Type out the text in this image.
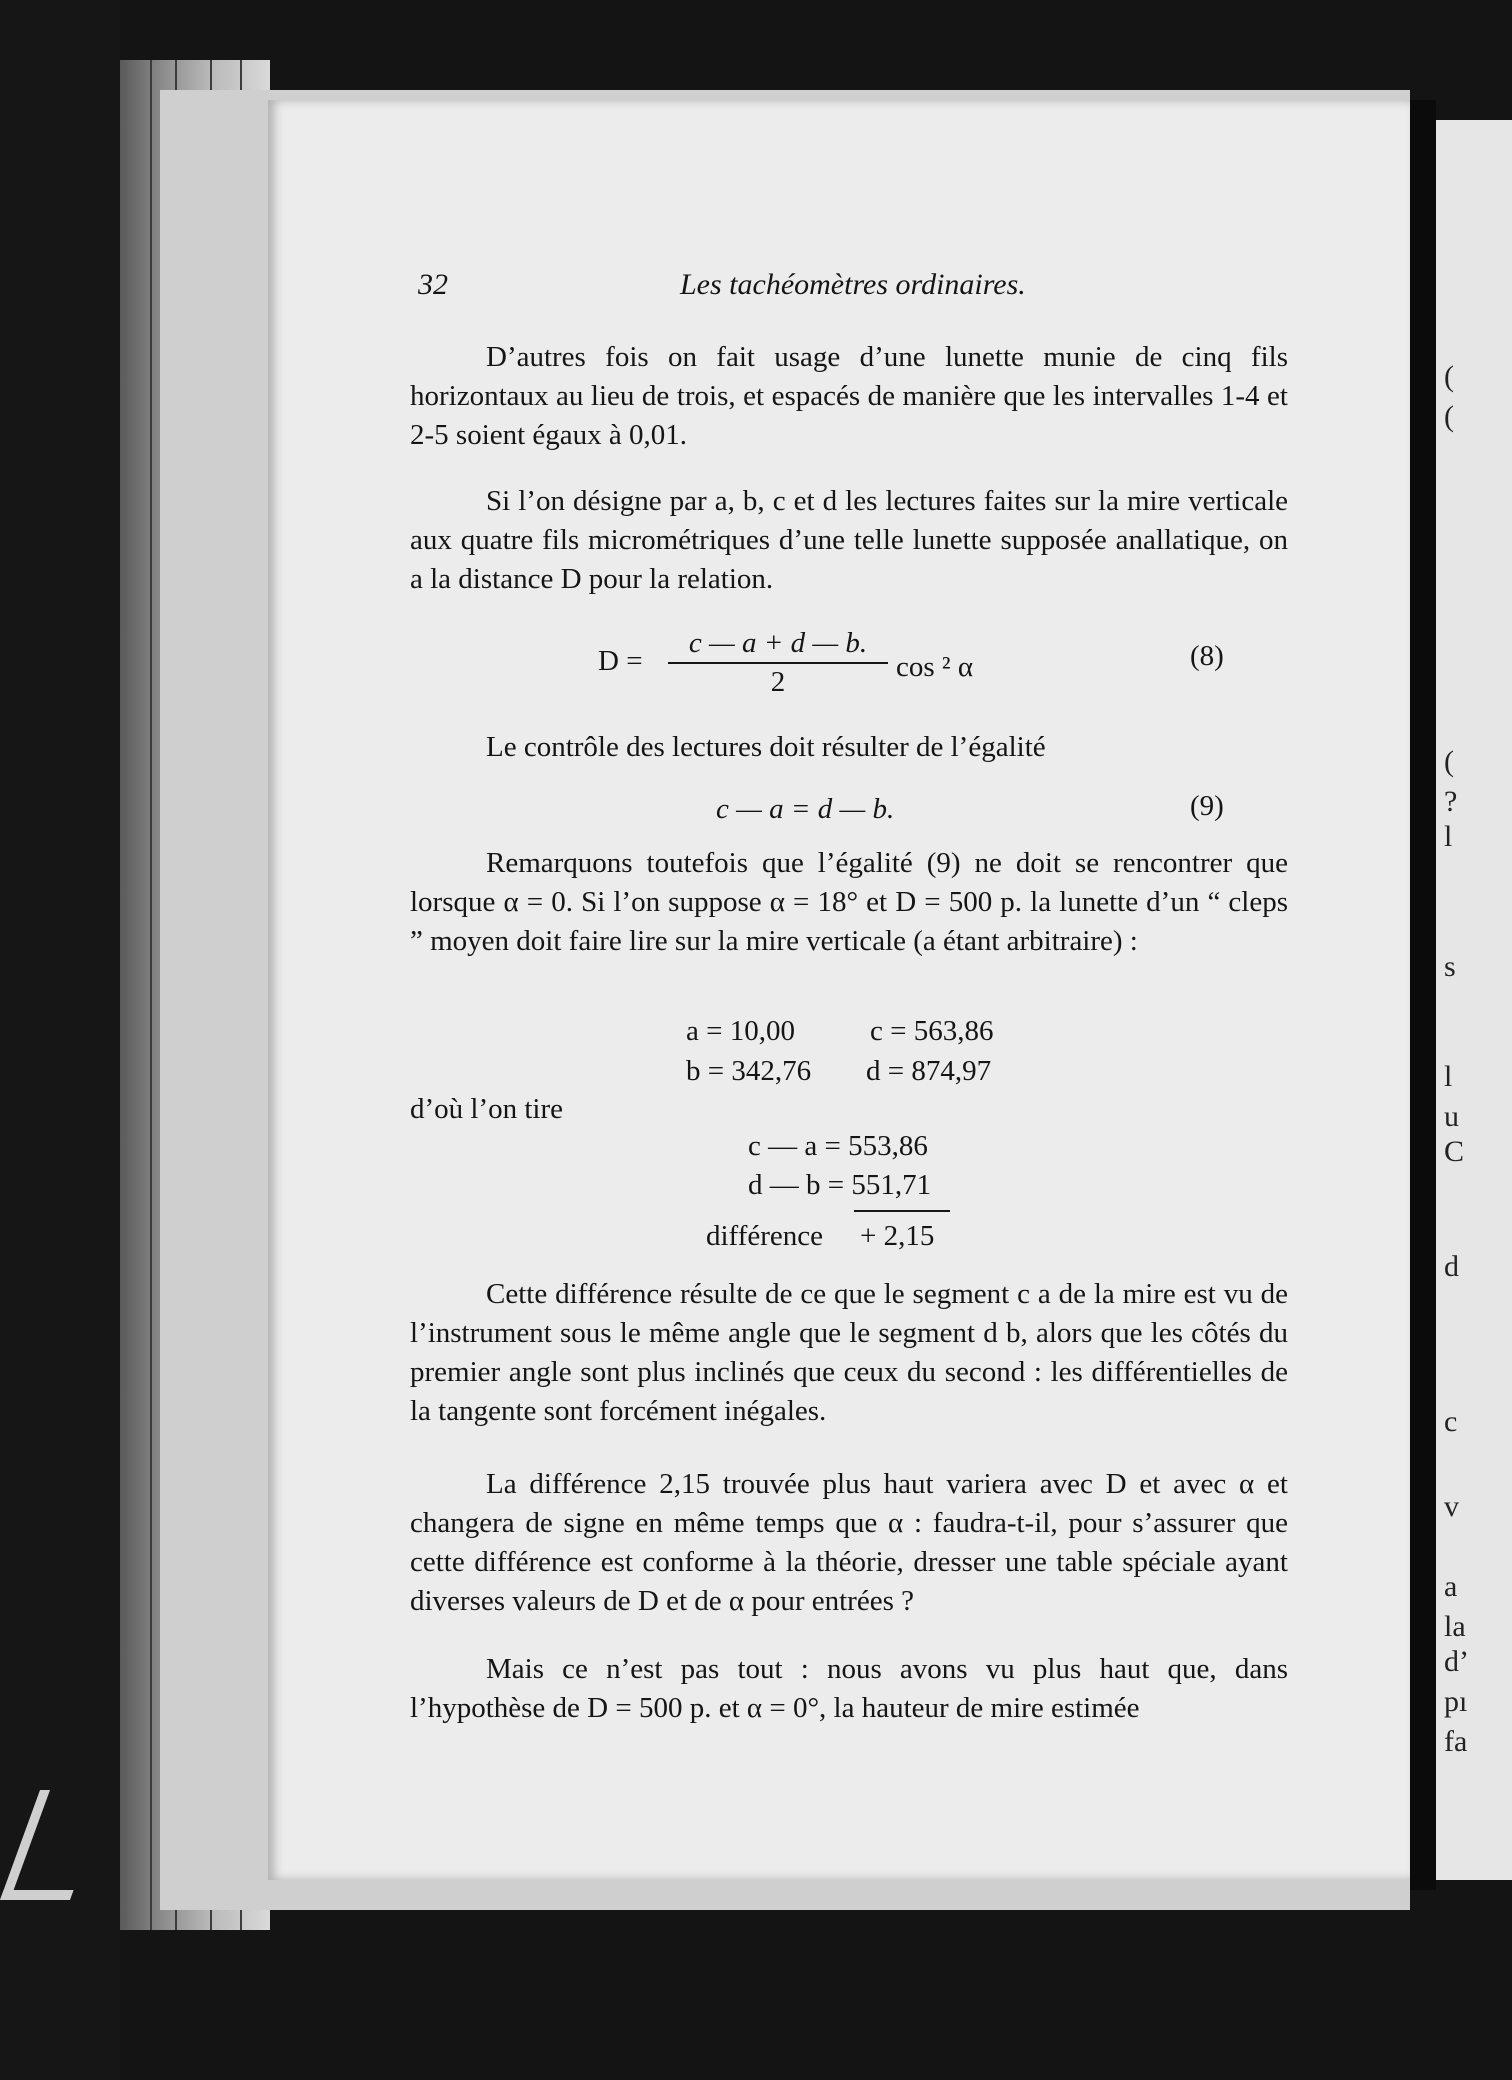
(
(
(
?
l
s
l
u
C
d
c
v
a
la
d’
pı
fa
32	Les tachéomètres ordinaires.
D’autres fois on fait usage d’une lunette munie de cinq fils horizontaux au lieu de trois, et espacés de manière que les intervalles 1-4 et 2-5 soient égaux à 0,01.
Si l’on désigne par a, b, c et d les lectures faites sur la mire verticale aux quatre fils micrométriques d’une telle lunette supposée anallatique, on a la distance D pour la relation.
D =
c — a + d — b.
2	cos ² α	(8)
Le contrôle des lectures doit résulter de l’égalité
c — a = d — b.	(9)
Remarquons toutefois que l’égalité (9) ne doit se rencontrer que lorsque α = 0. Si l’on suppose α = 18° et D = 500 p. la lunette d’un “ cleps ” moyen doit faire lire sur la mire verticale (a étant arbitraire) :
a = 10,00	c = 563,86
b = 342,76 d = 874,97
d’où l’on tire
c — a = 553,86
d — b = 551,71
différence + 2,15
Cette différence résulte de ce que le segment c a de la mire est vu de l’instrument sous le même angle que le segment d b, alors que les côtés du premier angle sont plus inclinés que ceux du second : les différentielles de la tangente sont forcément inégales.
La différence 2,15 trouvée plus haut variera avec D et avec α et changera de signe en même temps que α : faudra-t-il, pour s’assurer que cette différence est conforme à la théorie, dresser une table spéciale ayant diverses valeurs de D et de α pour entrées ?
Mais ce n’est pas tout : nous avons vu plus haut que, dans l’hypothèse de D = 500 p. et α = 0°, la hauteur de mire estimée
